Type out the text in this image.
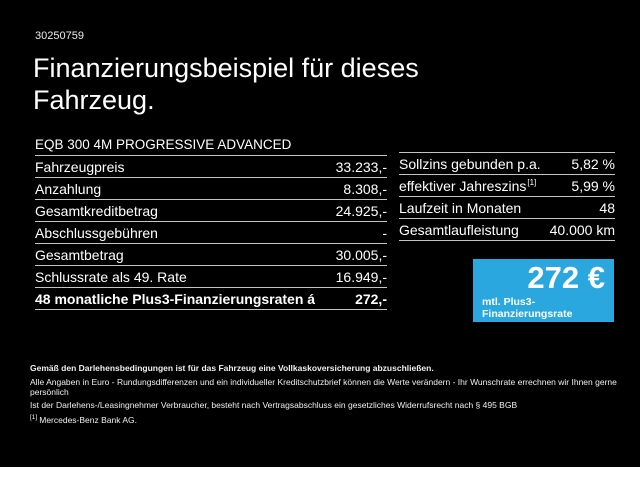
30250759
Finanzierungsbeispiel für dieses Fahrzeug.
EQB 300 4M PROGRESSIVE ADVANCED
Fahrzeugpreis	33.233,-
Anzahlung	8.308,-
Gesamtkreditbetrag	24.925,-
Abschlussgebühren	-
Gesamtbetrag	30.005,-
Schlussrate als 49. Rate	16.949,-
48 monatliche Plus3-Finanzierungsraten á	272,-
Sollzins gebunden p.a. 5,82 %
effektiver Jahreszins[1]	5,99 %
Laufzeit in Monaten	48
Gesamtlaufleistung 40.000 km
272 €
mtl. Plus3-Finanzierungsrate

Gemäß den Darlehensbedingungen ist für das Fahrzeug eine Vollkaskoversicherung abzuschließen.

Alle Angaben in Euro - Rundungsdifferenzen und ein individueller Kreditschutzbrief können die Werte verändern - Ihr Wunschrate errechnen wir Ihnen gerne persönlich

Ist der Darlehens-/Leasingnehmer Verbraucher, besteht nach Vertragsabschluss ein gesetzliches Widerrufsrecht nach § 495 BGB

[1] Mercedes-Benz Bank AG.
